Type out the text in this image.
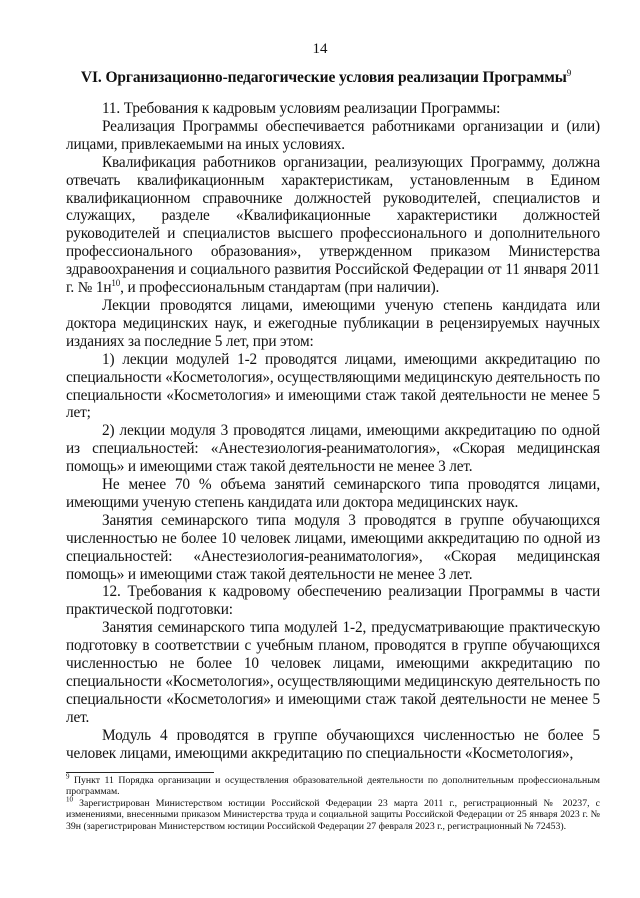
14
VI. Организационно-педагогические условия реализации Программы$^9$

11. Требования к кадровым условиям реализации Программы:

Реализация Программы обеспечивается работниками организации и (или) лицами, привлекаемыми на иных условиях.

Квалификация работников организации, реализующих Программу, должна отвечать квалификационным характеристикам, установленным в Едином квалификационном справочнике должностей руководителей, специалистов и служащих, разделе «Квалификационные характеристики должностей руководителей и специалистов высшего профессионального и дополнительного профессионального образования», утвержденном приказом Министерства здравоохранения и социального развития Российской Федерации от 11 января 2011 г. № $1н^{10}$, и профессиональным стандартам (при наличии).

Лекции проводятся лицами, имеющими ученую степень кандидата или доктора медицинских наук, и ежегодные публикации в рецензируемых научных изданиях за последние 5 лет, при этом:

1) лекции модулей 1-2 проводятся лицами, имеющими аккредитацию по специальности «Косметология», осуществляющими медицинскую деятельность по специальности «Косметология» и имеющими стаж такой деятельности не менее 5 лет;

2) лекции модуля 3 проводятся лицами, имеющими аккредитацию по одной из специальностей: «Анестезиология-реаниматология», «Скорая медицинская помощь» и имеющими стаж такой деятельности не менее 3 лет.

Не менее 70 % объема занятий семинарского типа проводятся лицами, имеющими ученую степень кандидата или доктора медицинских наук.

Занятия семинарского типа модуля 3 проводятся в группе обучающихся численностью не более 10 человек лицами, имеющими аккредитацию по одной из специальностей: «Анестезиология-реаниматология», «Скорая медицинская помощь» и имеющими стаж такой деятельности не менее 3 лет.

12. Требования к кадровому обеспечению реализации Программы в части практической подготовки:

Занятия семинарского типа модулей 1-2, предусматривающие практическую подготовку в соответствии с учебным планом, проводятся в группе обучающихся численностью не более 10 человек лицами, имеющими аккредитацию по специальности «Косметология», осуществляющими медицинскую деятельность по специальности «Косметология» и имеющими стаж такой деятельности не менее 5 лет.

Модуль 4 проводятся в группе обучающихся численностью не более 5 человек лицами, имеющими аккредитацию по специальности «Косметология»,

$^9$ Пункт 11 Порядка организации и осуществления образовательной деятельности по дополнительным профессиональным программам.

$^{10}$ Зарегистрирован Министерством юстиции Российской Федерации 23 марта 2011 г., регистрационный № 20237, с изменениями, внесенными приказом Министерства труда и социальной защиты Российской Федерации от 25 января 2023 г. № 39н (зарегистрирован Министерством юстиции Российской Федерации 27 февраля 2023 г., регистрационный № 72453).
